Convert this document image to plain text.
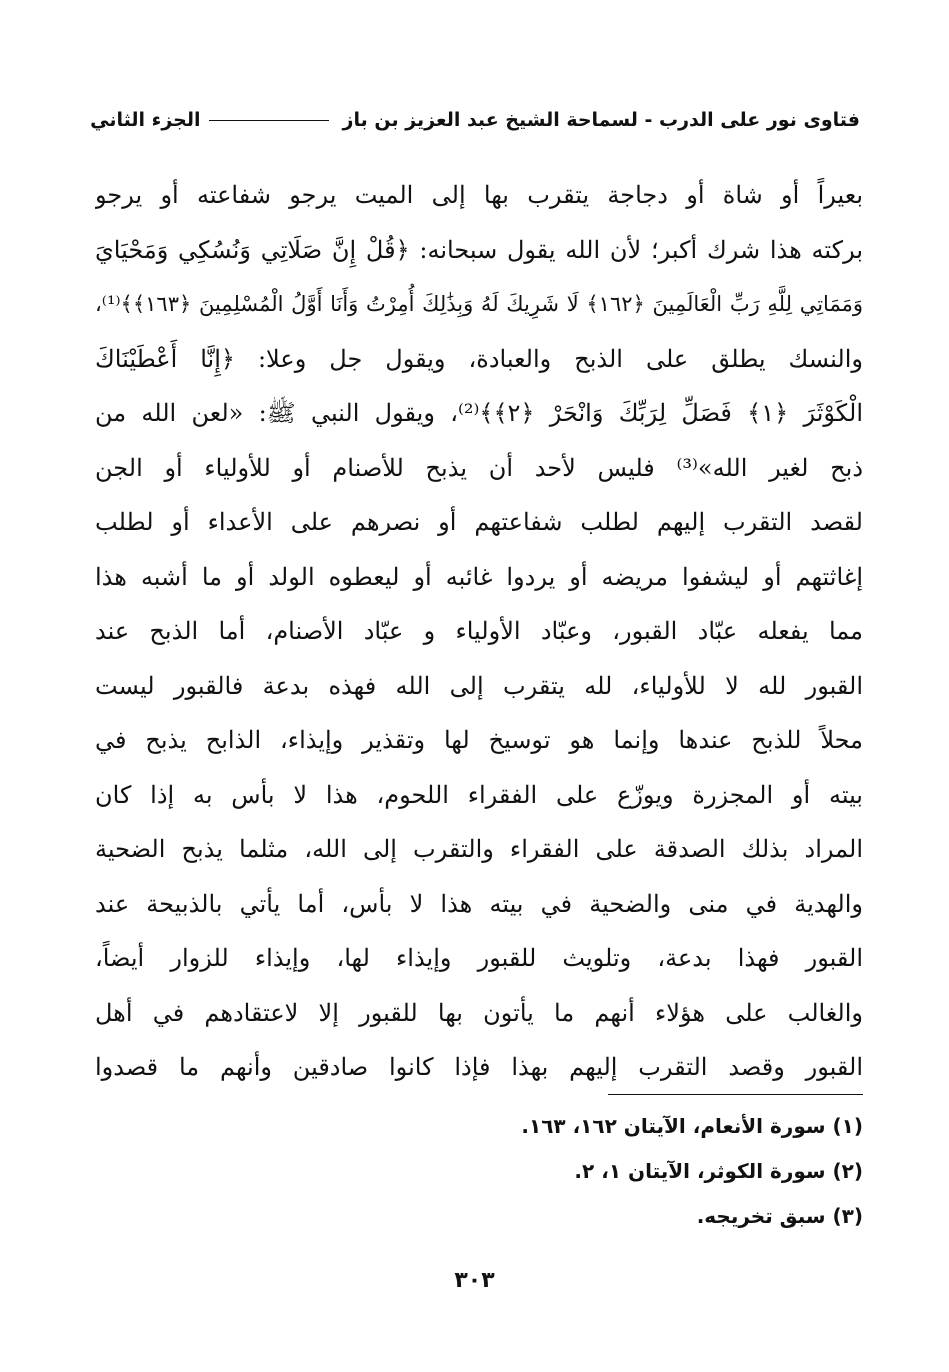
فتاوى نور على الدرب - لسماحة الشيخ عبد العزيز بن باز
الجزء الثاني
بعيراً أو شاة أو دجاجة يتقرب بها إلى الميت يرجو شفاعته أو يرجو
بركته هذا شرك أكبر؛ لأن الله يقول سبحانه: ﴿قُلْ إِنَّ صَلَاتِي وَنُسُكِي وَمَحْيَايَ
وَمَمَاتِي لِلَّهِ رَبِّ الْعَالَمِينَ ﴿١٦٢﴾ لَا شَرِيكَ لَهُ وَبِذَٰلِكَ أُمِرْتُ وَأَنَا أَوَّلُ الْمُسْلِمِينَ ﴿١٦٣﴾﴾⁽¹⁾،
والنسك يطلق على الذبح والعبادة، ويقول جل وعلا: ﴿إِنَّا أَعْطَيْنَاكَ
الْكَوْثَرَ ﴿١﴾ فَصَلِّ لِرَبِّكَ وَانْحَرْ ﴿٢﴾﴾⁽²⁾، ويقول النبي ﷺ: «لعن الله من
ذبح لغير الله»⁽³⁾ فليس لأحد أن يذبح للأصنام أو للأولياء أو الجن
لقصد التقرب إليهم لطلب شفاعتهم أو نصرهم على الأعداء أو لطلب
إغاثتهم أو ليشفوا مريضه أو يردوا غائبه أو ليعطوه الولد أو ما أشبه هذا
مما يفعله عبّاد القبور، وعبّاد الأولياء و عبّاد الأصنام، أما الذبح عند
القبور لله لا للأولياء، لله يتقرب إلى الله فهذه بدعة فالقبور ليست
محلاً للذبح عندها وإنما هو توسيخ لها وتقذير وإيذاء، الذابح يذبح في
بيته أو المجزرة ويوزّع على الفقراء اللحوم، هذا لا بأس به إذا كان
المراد بذلك الصدقة على الفقراء والتقرب إلى الله، مثلما يذبح الضحية
والهدية في منى والضحية في بيته هذا لا بأس، أما يأتي بالذبيحة عند
القبور فهذا بدعة، وتلويث للقبور وإيذاء لها، وإيذاء للزوار أيضاً،
والغالب على هؤلاء أنهم ما يأتون بها للقبور إلا لاعتقادهم في أهل
القبور وقصد التقرب إليهم بهذا فإذا كانوا صادقين وأنهم ما قصدوا
(١) سورة الأنعام، الآيتان ١٦٢، ١٦٣.
(٢) سورة الكوثر، الآيتان ١، ٢.
(٣) سبق تخريجه.
٣٠٣
